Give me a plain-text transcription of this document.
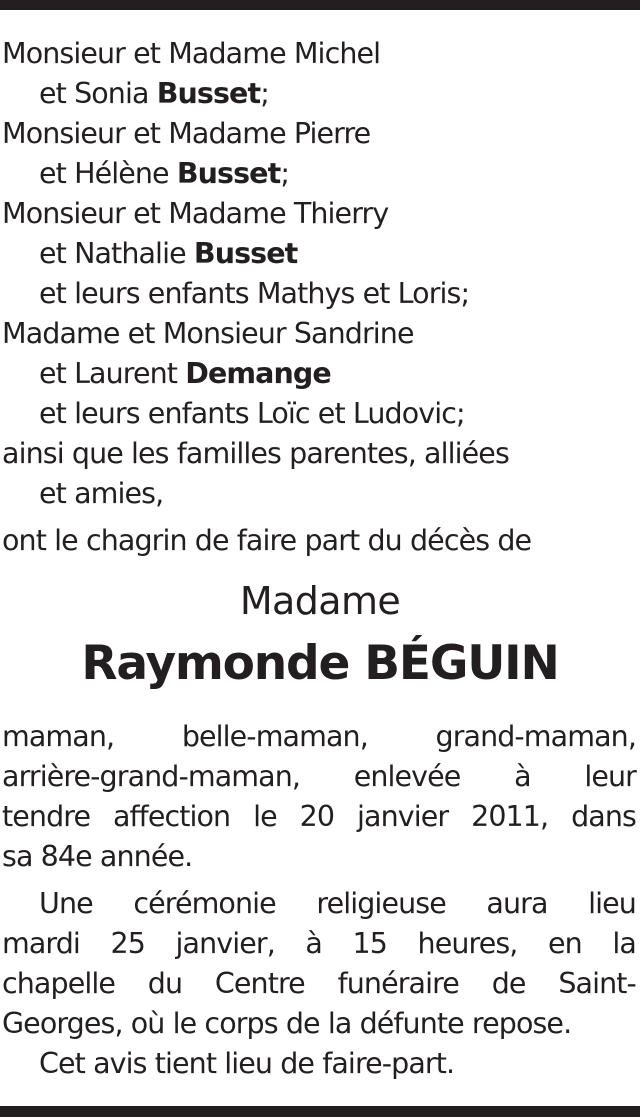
Monsieur et Madame Michel
et Sonia Busset;
Monsieur et Madame Pierre
et Hélène Busset;
Monsieur et Madame Thierry
et Nathalie Busset
et leurs enfants Mathys et Loris;
Madame et Monsieur Sandrine
et Laurent Demange
et leurs enfants Loïc et Ludovic;
ainsi que les familles parentes, alliées
et amies,
ont le chagrin de faire part du décès de
Madame
Raymonde BÉGUIN
maman, belle-maman, grand-maman,
arrière-grand-maman, enlevée à leur
tendre affection le 20 janvier 2011, dans
sa 84e année.
Une cérémonie religieuse aura lieu
mardi 25 janvier, à 15 heures, en la
chapelle du Centre funéraire de Saint-
Georges, où le corps de la défunte repose.
Cet avis tient lieu de faire-part.
